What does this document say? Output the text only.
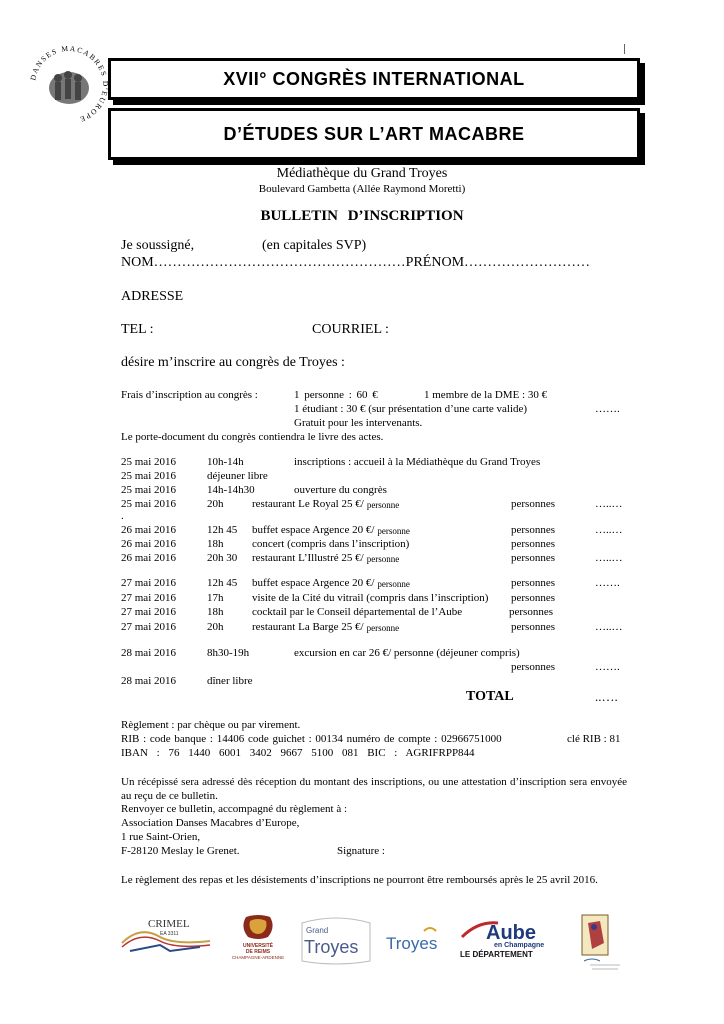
DANSES MACABRES D'EUROPE
XVII° CONGRÈS INTERNATIONAL
D’ÉTUDES SUR L’ART MACABRE
Médiathèque du Grand Troyes
Boulevard Gambetta (Allée Raymond Moretti)
BULLETIN D’INSCRIPTION
Je soussigné,	(en capitales SVP)
NOM………………………………………………PRÉNOM………………………
ADRESSE
TEL :	COURRIEL :
désire m’inscrire au congrès de Troyes :
Frais d’inscription au congrès :	1 personne : 60 €	1 membre de la DME : 30 €
1 étudiant : 30 € (sur présentation d’une carte valide)	…….
Gratuit pour les intervenants.
Le porte-document du congrès contiendra le livre des actes.
25 mai 2016	10h-14h	inscriptions : accueil à la Médiathèque du Grand Troyes
25 mai 2016	déjeuner libre
25 mai 2016	14h-14h30	ouverture du congrès
25 mai 2016	20h	restaurant Le Royal 25 €/ personne	personnes	…..…
26 mai 2016	12h 45 buffet espace Argence 20 €/ personne	personnes	…..…
26 mai 2016	18h	concert (compris dans l’inscription)	personnes
26 mai 2016	20h 30 restaurant L’Illustré 25 €/ personne	personnes	…..…
27 mai 2016	12h 45 buffet espace Argence 20 €/ personne	personnes	…….
27 mai 2016	17h	visite de la Cité du vitrail (compris dans l’inscription) personnes
27 mai 2016	18h	cocktail par le Conseil départemental de l’Aube	personnes
27 mai 2016	20h	restaurant La Barge 25 €/ personne	personnes	…..…
28 mai 2016	8h30-19h	excursion en car 26 €/ personne (déjeuner compris)
personnes	…….
28 mai 2016	dîner libre
.
TOTAL	..….
Règlement : par chèque ou par virement.
RIB : code banque : 14406 code guichet : 00134 numéro de compte : 02966751000	clé RIB : 81
IBAN : 76 1440 6001 3402 9667 5100 081 BIC : AGRIFRPP844
Un récépissé sera adressé dès réception du montant des inscriptions, ou une attestation d’inscription sera envoyée au reçu de ce bulletin.
Renvoyer ce bulletin, accompagné du règlement à :
Association Danses Macabres d’Europe,
1 rue Saint-Orien,
F-28120 Meslay le Grenet.	Signature :
Le règlement des repas et les désistements d’inscriptions ne pourront être remboursés après le 25 avril 2016.
CRIMEL
EA 3311
UNIVERSITÉ
DE REIMS
CHAMPAGNE-ARDENNE
Grand
Troyes Troyes Aube
en Champagne
LE DÉPARTEMENT
